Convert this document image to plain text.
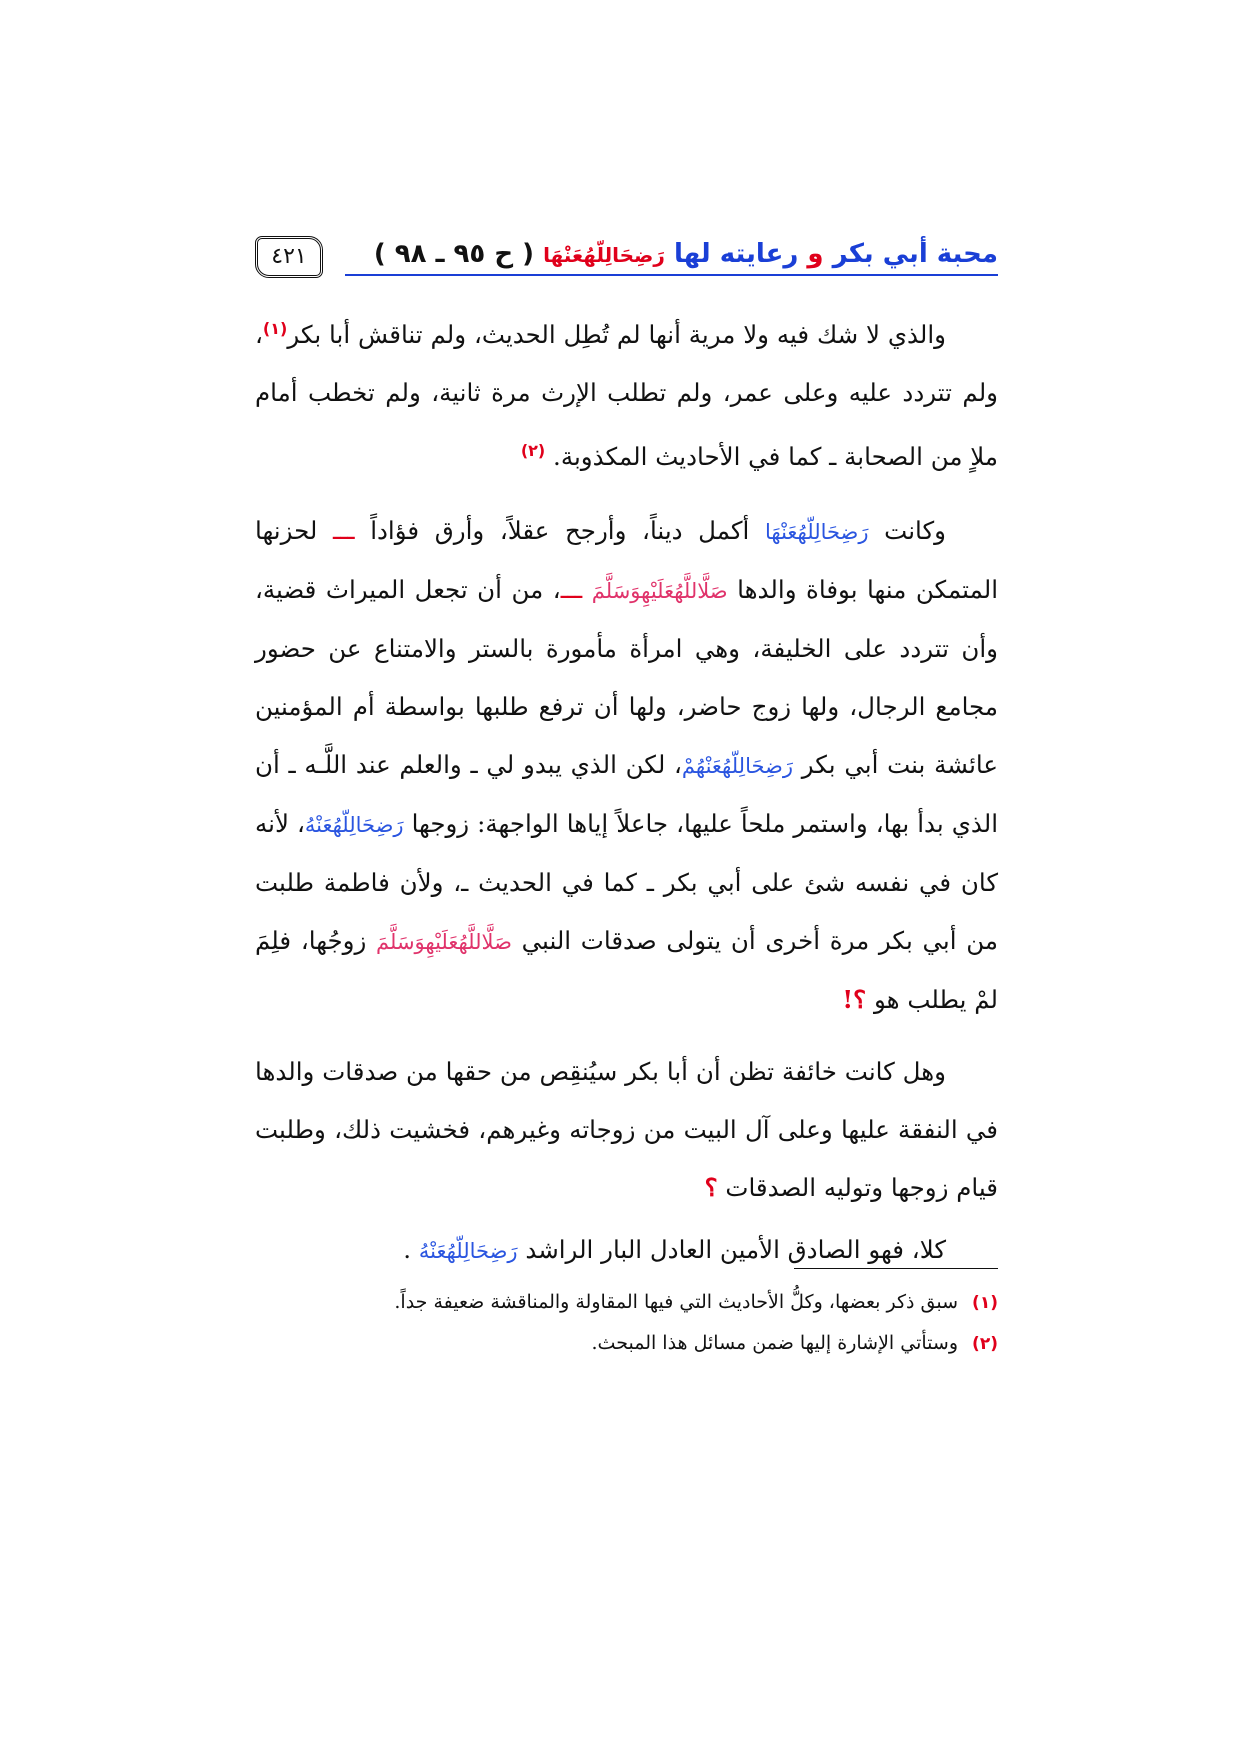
محبة أبي بكر و رعايته لها رَضِحَالِلّهُعَنْهَا ( ح ٩٥ ـ ٩٨ )
٤٢١

والذي لا شك فيه ولا مرية أنها لم تُطِل الحديث، ولم تناقش أبا بكر$^{(١)}$، ولم تتردد عليه وعلى عمر، ولم تطلب الإرث مرة ثانية، ولم تخطب أمام ملاٍ من الصحابة ـ كما في الأحاديث المكذوبة. $^{(٢)}$

وكانت رَضِحَالِلّهُعَنْهَا أكمل ديناً، وأرجح عقلاً، وأرق فؤاداً ـــ لحزنها المتمكن منها بوفاة والدها صَلَّاللَّهُعَلَيْهِوَسَلَّمَ ـــ، من أن تجعل الميراث قضية، وأن تتردد على الخليفة، وهي امرأة مأمورة بالستر والامتناع عن حضور مجامع الرجال، ولها زوج حاضر، ولها أن ترفع طلبها بواسطة أم المؤمنين عائشة بنت أبي بكر رَضِحَالِلّهُعَنْهُمْ، لكن الذي يبدو لي ـ والعلم عند اللَّـه ـ أن الذي بدأ بها، واستمر ملحاً عليها، جاعلاً إياها الواجهة: زوجها رَضِحَالِلّهُعَنْهُ، لأنه كان في نفسه شئ على أبي بكر ـ كما في الحديث ـ، ولأن فاطمة طلبت من أبي بكر مرة أخرى أن يتولى صدقات النبي صَلَّاللَّهُعَلَيْهِوَسَلَّمَ زوجُها، فلِمَ لمْ يطلب هو ؟!

وهل كانت خائفة تظن أن أبا بكر سيُنقِص من حقها من صدقات والدها في النفقة عليها وعلى آل البيت من زوجاته وغيرهم، فخشيت ذلك، وطلبت قيام زوجها وتوليه الصدقات ؟

كلا، فهو الصادق الأمين العادل البار الراشد رَضِحَالِلّهُعَنْهُ .

(١) سبق ذكر بعضها، وكلُّ الأحاديث التي فيها المقاولة والمناقشة ضعيفة جداً.

(٢) وستأتي الإشارة إليها ضمن مسائل هذا المبحث.
